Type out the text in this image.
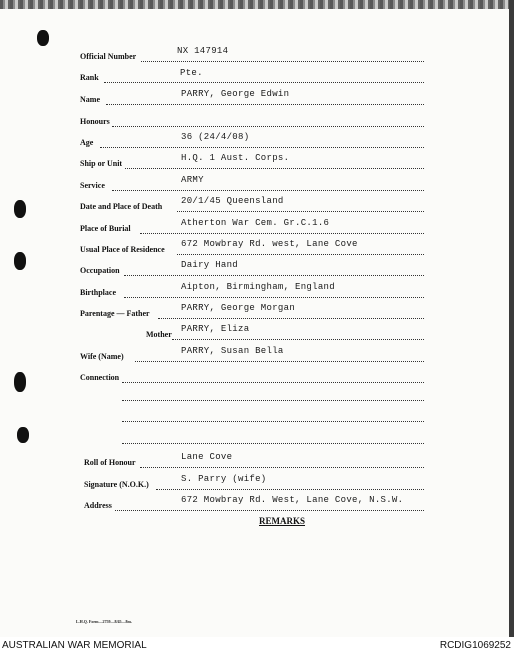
Official Number
NX 147914
Rank	Pte.
Name
PARRY, George Edwin
Honours
Age
36 (24/4/08)
Ship or Unit
H.Q. 1 Aust. Corps.
Service
ARMY
Date and Place of Death
20/1/45 Queensland
Place of Burial
Atherton War Cem. Gr.C.1.6
Usual Place of Residence
672 Mowbray Rd. west, Lane Cove
Occupation
Dairy Hand
Birthplace
Aipton, Birmingham, England
Parentage — Father
PARRY, George Morgan
Mother
PARRY, Eliza
Wife (Name)
PARRY, Susan Bella
Connection
Roll of Honour
Lane Cove
Signature (N.O.K.)
S. Parry (wife)
Address
672 Mowbray Rd. West, Lane Cove, N.S.W.
REMARKS
L.H.Q. Form—2759—8/45—8m.
AUSTRALIAN WAR MEMORIAL	RCDIG1069252
